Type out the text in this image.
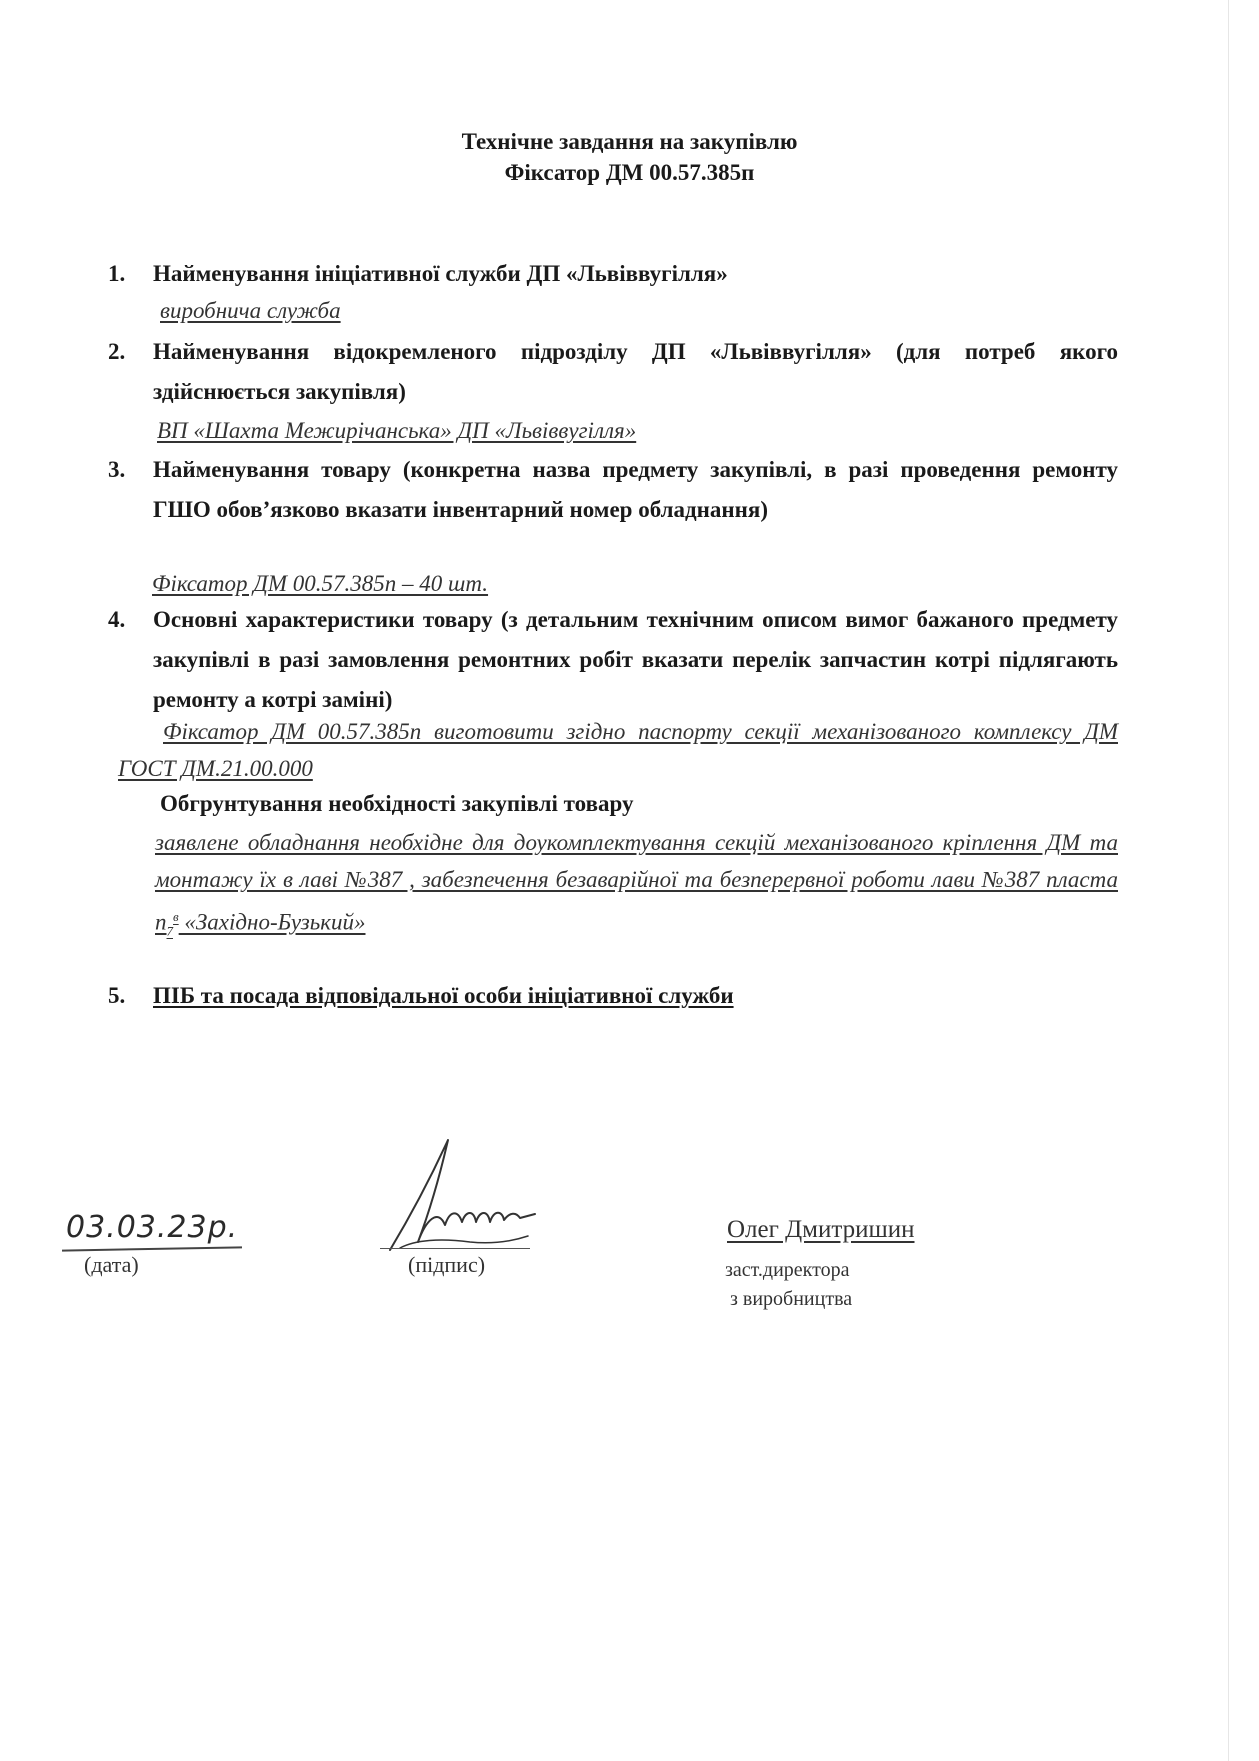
Технічне завдання на закупівлю
Фіксатор ДМ 00.57.385п
1. Найменування ініціативної служби ДП «Львіввугілля»
виробнича служба
2. Найменування відокремленого підрозділу ДП «Львіввугілля» (для потреб якого здійснюється закупівля)
ВП «Шахта Межирічанська» ДП «Львіввугілля»
3. Найменування товару (конкретна назва предмету закупівлі, в разі проведення ремонту ГШО обов’язково вказати інвентарний номер обладнання)
Фіксатор ДМ 00.57.385п – 40 шт.
4. Основні характеристики товару (з детальним технічним описом вимог бажаного предмету закупівлі в разі замовлення ремонтних робіт вказати перелік запчастин котрі підлягають ремонту а котрі заміні)
Фіксатор ДМ 00.57.385п виготовити згідно паспорту секції механізованого комплексу ДМ ГОСТ ДМ.21.00.000
Обгрунтування необхідності закупівлі товару
заявлене обладнання необхідне для доукомплектування секцій механізованого кріплення ДМ та монтажу їх в лаві №387 , забезпечення безаварійної та безперервної роботи лави №387 пласта $n_7^в$ «Західно-Бузький»
5. ПІБ та посада відповідальної особи ініціативної служби
03.03.23р.
(дата)	(підпис)
Олег Дмитришин
заст.директора
з виробництва
